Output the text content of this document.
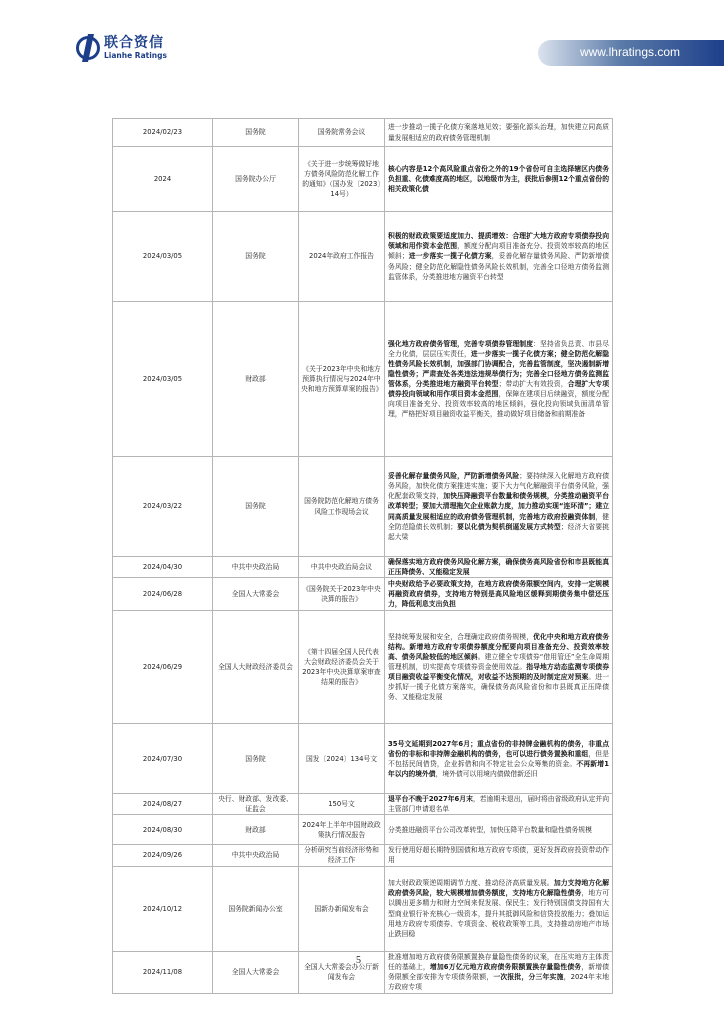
联合资信
Lianhe Ratings	www.lhratings.com
2024/02/23	国务院	国务院常务会议	进一步推动一揽子化债方案落地见效；要强化源头治理，加快建立同高质量发展相适应的政府债务管理机制
2024	国务院办公厅	《关于进一步统筹做好地方债务风险防范化解工作的通知》（国办发〔2023〕14号）	核心内容是12个高风险重点省份之外的19个省份可自主选择辖区内债务负担重、化债难度高的地区，以地级市为主，获批后参照12个重点省份的相关政策化债
2024/03/05	国务院	2024年政府工作报告	积极的财政政策要适度加力、提质增效：合理扩大地方政府专项债券投向领域和用作资本金范围，额度分配向项目准备充分、投资效率较高的地区倾斜；进一步落实一揽子化债方案，妥善化解存量债务风险、严防新增债务风险；健全防范化解隐性债务风险长效机制，完善全口径地方债务监测监管体系，分类推进地方融资平台转型
2024/03/05	财政部	《关于2023年中央和地方预算执行情况与2024年中央和地方预算草案的报告》	强化地方政府债务管理，完善专项债券管理制度：坚持省负总责、市县尽全力化债，层层压实责任，进一步落实一揽子化债方案；健全防范化解隐性债务风险长效机制，加强部门协调配合，完善监管制度，坚决遏制新增隐性债务；严肃查处各类违法违规举债行为；完善全口径地方债务监测监管体系，分类推进地方融资平台转型；带动扩大有效投资，合理扩大专项债券投向领域和用作项目资本金范围，保障在建项目后续融资，额度分配向项目准备充分、投资效率较高的地区倾斜，强化投向领域负面清单管理，严格把好项目融资收益平衡关，推动做好项目储备和前期准备
2024/03/22	国务院	国务院防范化解地方债务风险工作现场会议	妥善化解存量债务风险，严防新增债务风险；要持续深入化解地方政府债务风险，加快化债方案推进实施；要下大力气化解融资平台债务风险，强化配套政策支持，加快压降融资平台数量和债务规模，分类推动融资平台改革转型；要加大清理拖欠企业账款力度，加力推动实现“连环清”；建立同高质量发展相适应的政府债务管理机制，完善地方政府投融资体制，健全防范隐债长效机制；要以化债为契机倒逼发展方式转型；经济大省要挑起大梁
2024/04/30	中共中央政治局	中共中央政治局会议	确保落实地方政府债务风险化解方案，确保债务高风险省份和市县既能真正压降债务、又能稳定发展
2024/06/28	全国人大常委会	《国务院关于2023年中央决算的报告》	中央财政给予必要政策支持，在地方政府债务限额空间内，安排一定规模再融资政府债券，支持地方特别是高风险地区缓释到期债务集中偿还压力，降低利息支出负担
2024/06/29	全国人大财政经济委员会	《第十四届全国人民代表大会财政经济委员会关于2023年中央决算草案审查结果的报告》	坚持统筹发展和安全，合理确定政府债务规模，优化中央和地方政府债务结构。新增地方政府专项债券额度分配要向项目准备充分、投资效率较高、债务风险较低的地区倾斜。建立健全专项债券“借用管还”全生命周期管理机制，切实提高专项债券资金使用效益。指导地方动态监测专项债券项目融资收益平衡变化情况，对收益不达预期的及时制定应对预案。进一步抓好一揽子化债方案落实，确保债务高风险省份和市县既真正压降债务、又能稳定发展
2024/07/30	国务院	国发〔2024〕134号文	35号文延期到2027年6月；重点省份的非持牌金融机构的债务，非重点省份的非标和非持牌金融机构的债务，也可以进行债务置换和重组，但是不包括民间借贷，企业拆借和向不特定社会公众筹集的资金。不再新增1年以内的境外债，境外债可以用境内债做借新还旧
2024/08/27	央行、财政部、发改委、证监会	150号文	退平台不晚于2027年6月末，若逾期未退出，届时将由省级政府认定并向主管部门申请退名单
2024/08/30	财政部	2024年上半年中国财政政策执行情况报告	分类推进融资平台公司改革转型，加快压降平台数量和隐性债务规模
2024/09/26	中共中央政治局	分析研究当前经济形势和经济工作	发行使用好超长期特别国债和地方政府专项债，更好发挥政府投资带动作用
2024/10/12	国务院新闻办公室	国新办新闻发布会	加大财政政策逆周期调节力度、推动经济高质量发展。加力支持地方化解政府债务风险，较大规模增加债务额度，支持地方化解隐性债务，地方可以腾出更多精力和财力空间来促发展、保民生；发行特别国债支持国有大型商业银行补充核心一级资本，提升其抵御风险和信贷投放能力；叠加运用地方政府专项债券、专项资金、税收政策等工具，支持推动房地产市场止跌回稳
2024/11/08	全国人大常委会	全国人大常委会办公厅新闻发布会	批准增加地方政府债务限额置换存量隐性债务的议案，在压实地方主体责任的基础上，增加6万亿元地方政府债务限额置换存量隐性债务，新增债务限额全部安排为专项债务限额，一次报批，分三年实施，2024年末地方政府专项
5
